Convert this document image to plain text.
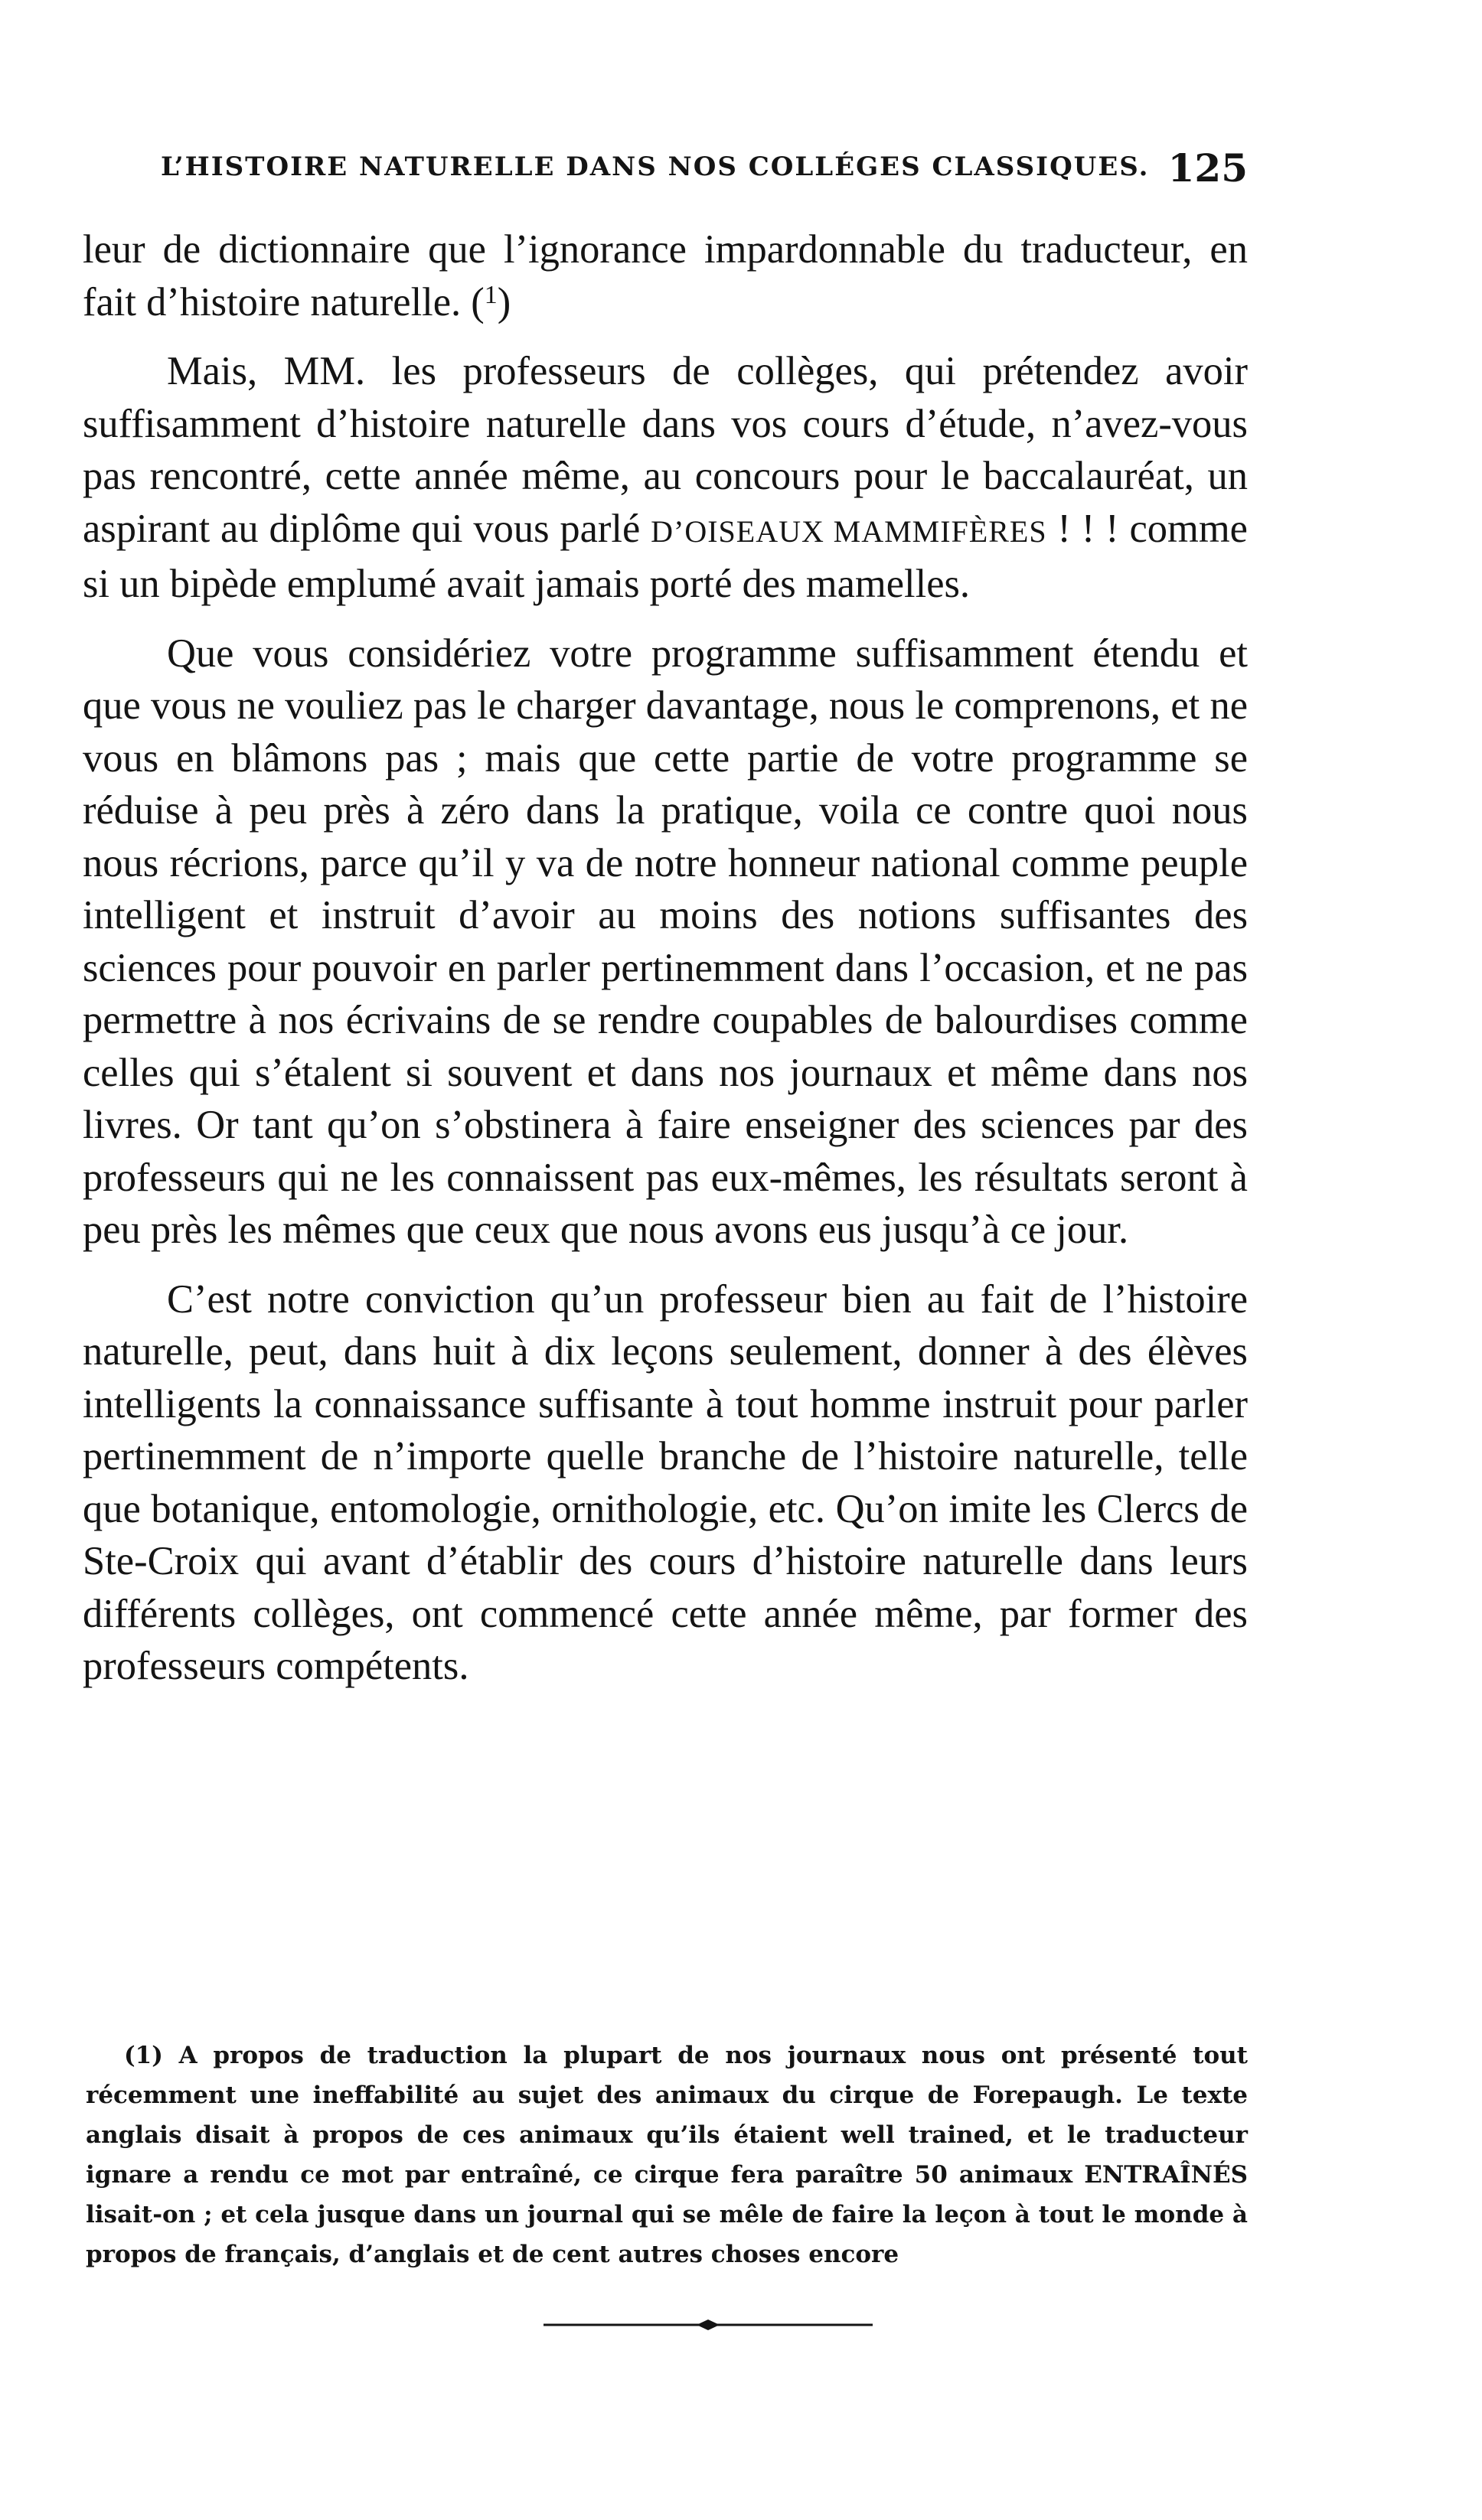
L’HISTOIRE NATURELLE DANS NOS COLLÉGES CLASSIQUES. 125

leur de dictionnaire que l’ignorance impardonnable du traducteur, en fait d’histoire naturelle. ($^1$)

Mais, MM. les professeurs de collèges, qui prétendez avoir suffisamment d’histoire naturelle dans vos cours d’étude, n’avez-vous pas rencontré, cette année même, au concours pour le baccalauréat, un aspirant au diplôme qui vous parlé D’OISEAUX MAMMIFÈRES ! ! ! comme si un bipède emplumé avait jamais porté des mamelles.

Que vous considériez votre programme suffisamment étendu et que vous ne vouliez pas le charger davantage, nous le comprenons, et ne vous en blâmons pas ; mais que cette partie de votre programme se réduise à peu près à zéro dans la pratique, voila ce contre quoi nous nous récrions, parce qu’il y va de notre honneur national comme peuple intelligent et instruit d’avoir au moins des notions suffisantes des sciences pour pouvoir en parler pertinemment dans l’occasion, et ne pas permettre à nos écrivains de se rendre coupables de balourdises comme celles qui s’étalent si souvent et dans nos journaux et même dans nos livres. Or tant qu’on s’obstinera à faire enseigner des sciences par des professeurs qui ne les connaissent pas eux-mêmes, les résultats seront à peu près les mêmes que ceux que nous avons eus jusqu’à ce jour.

C’est notre conviction qu’un professeur bien au fait de l’histoire naturelle, peut, dans huit à dix leçons seulement, donner à des élèves intelligents la connaissance suffisante à tout homme instruit pour parler pertinemment de n’importe quelle branche de l’histoire naturelle, telle que botanique, entomologie, ornithologie, etc. Qu’on imite les Clercs de Ste-Croix qui avant d’établir des cours d’histoire naturelle dans leurs différents collèges, ont commencé cette année même, par former des professeurs compétents.

(1) A propos de traduction la plupart de nos journaux nous ont présenté tout récemment une ineffabilité au sujet des animaux du cirque de Forepaugh. Le texte anglais disait à propos de ces animaux qu’ils étaient well trained, et le traducteur ignare a rendu ce mot par entraîné, ce cirque fera paraître 50 animaux ENTRAÎNÉS lisait-on ; et cela jusque dans un journal qui se mêle de faire la leçon à tout le monde à propos de français, d’anglais et de cent autres choses encore
